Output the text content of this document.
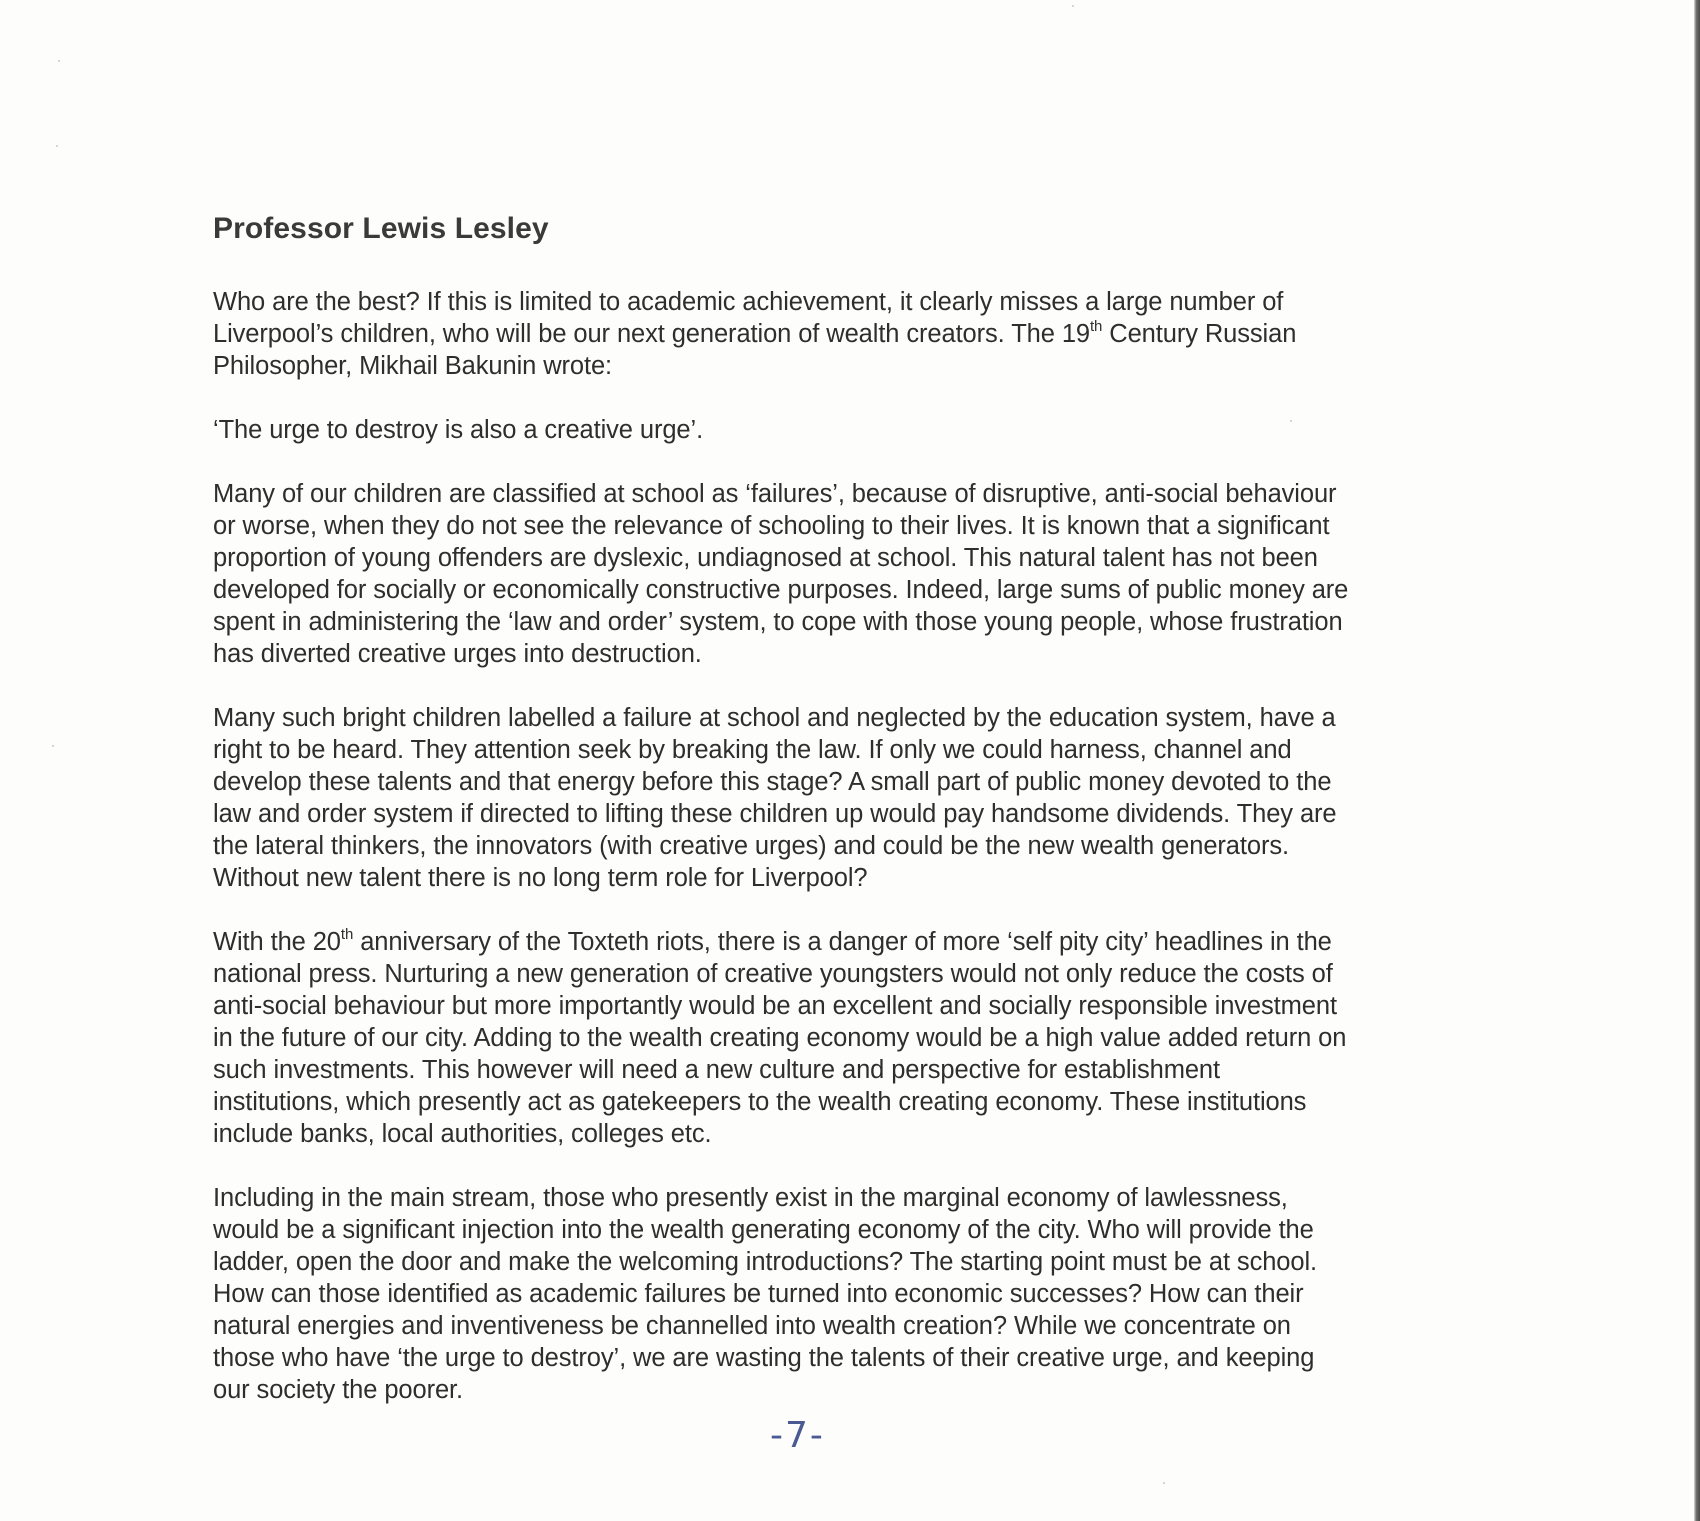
Professor Lewis Lesley

Who are the best? If this is limited to academic achievement, it clearly misses a large number of
Liverpool’s children, who will be our next generation of wealth creators. The 19th Century Russian
Philosopher, Mikhail Bakunin wrote:

‘The urge to destroy is also a creative urge’.

Many of our children are classified at school as ‘failures’, because of disruptive, anti-social behaviour
or worse, when they do not see the relevance of schooling to their lives. It is known that a significant
proportion of young offenders are dyslexic, undiagnosed at school. This natural talent has not been
developed for socially or economically constructive purposes. Indeed, large sums of public money are
spent in administering the ‘law and order’ system, to cope with those young people, whose frustration
has diverted creative urges into destruction.

Many such bright children labelled a failure at school and neglected by the education system, have a
right to be heard. They attention seek by breaking the law. If only we could harness, channel and
develop these talents and that energy before this stage? A small part of public money devoted to the
law and order system if directed to lifting these children up would pay handsome dividends. They are
the lateral thinkers, the innovators (with creative urges) and could be the new wealth generators.
Without new talent there is no long term role for Liverpool?

With the 20th anniversary of the Toxteth riots, there is a danger of more ‘self pity city’ headlines in the
national press. Nurturing a new generation of creative youngsters would not only reduce the costs of
anti-social behaviour but more importantly would be an excellent and socially responsible investment
in the future of our city. Adding to the wealth creating economy would be a high value added return on
such investments. This however will need a new culture and perspective for establishment
institutions, which presently act as gatekeepers to the wealth creating economy. These institutions
include banks, local authorities, colleges etc.

Including in the main stream, those who presently exist in the marginal economy of lawlessness,
would be a significant injection into the wealth generating economy of the city. Who will provide the
ladder, open the door and make the welcoming introductions? The starting point must be at school.
How can those identified as academic failures be turned into economic successes? How can their
natural energies and inventiveness be channelled into wealth creation? While we concentrate on
those who have ‘the urge to destroy’, we are wasting the talents of their creative urge, and keeping
our society the poorer.

-7-
